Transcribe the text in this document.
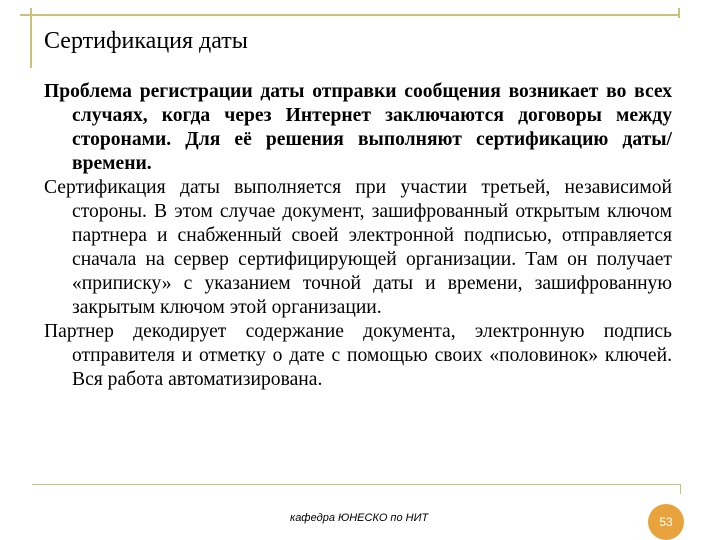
Сертификация даты

Проблема регистрации даты отправки сообщения возникает во всех случаях, когда через Интернет заключаются договоры между сторонами. Для её решения выполняют сертификацию даты/времени.

Сертификация даты выполняется при участии третьей, независимой стороны. В этом случае документ, зашифрованный открытым ключом партнера и снабженный своей электронной подписью, отправляется сначала на сервер сертифицирующей организации. Там он получает «приписку» с указанием точной даты и времени, зашифрованную закрытым ключом этой организации.

Партнер декодирует содержание документа, электронную подпись отправителя и отметку о дате с помощью своих «половинок» ключей. Вся работа автоматизирована.

кафедра ЮНЕСКО по НИТ	53
